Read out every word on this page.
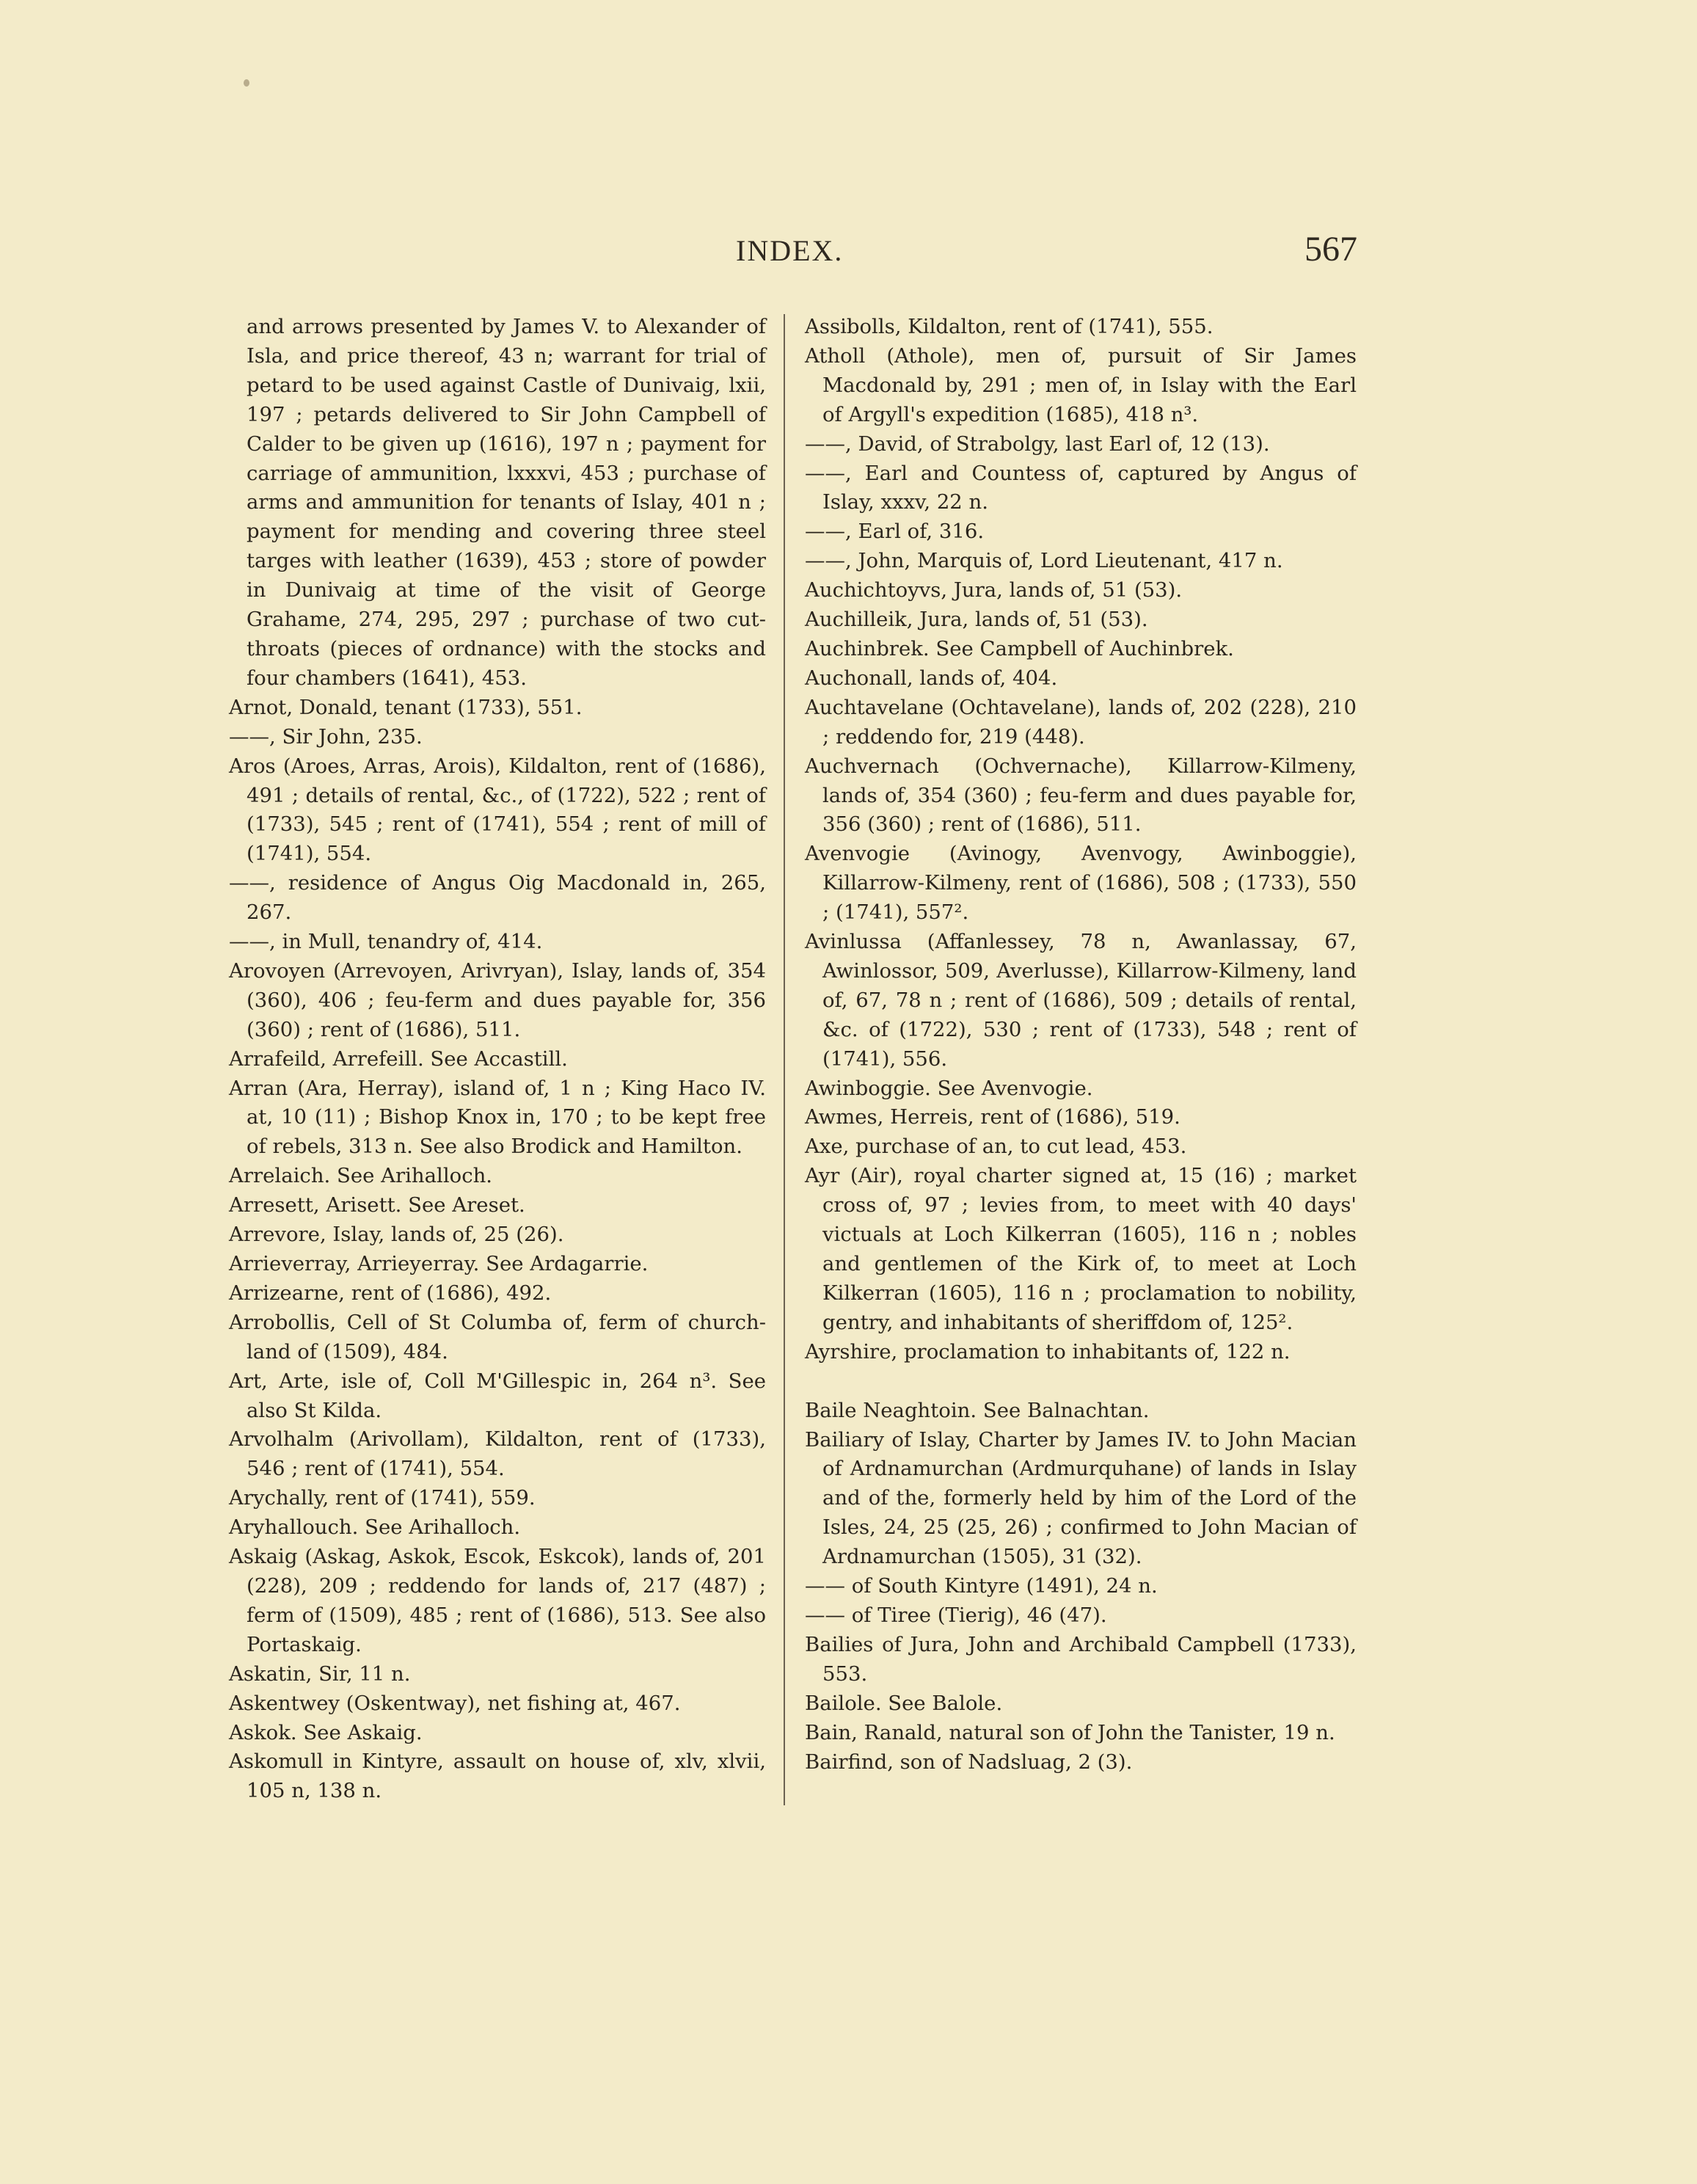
INDEX.	567

and arrows presented by James V. to Alexander of Isla, and price thereof, 43 n; warrant for trial of petard to be used against Castle of Dunivaig, lxii, 197 ; petards delivered to Sir John Campbell of Calder to be given up (1616), 197 n ; payment for carriage of ammunition, lxxxvi, 453 ; purchase of arms and ammunition for tenants of Islay, 401 n ; payment for mending and covering three steel targes with leather (1639), 453 ; store of powder in Dunivaig at time of the visit of George Grahame, 274, 295, 297 ; purchase of two cut-throats (pieces of ordnance) with the stocks and four chambers (1641), 453.

Arnot, Donald, tenant (1733), 551.

——, Sir John, 235.

Aros (Aroes, Arras, Arois), Kildalton, rent of (1686), 491 ; details of rental, &c., of (1722), 522 ; rent of (1733), 545 ; rent of (1741), 554 ; rent of mill of (1741), 554.

——, residence of Angus Oig Macdonald in, 265, 267.

——, in Mull, tenandry of, 414.

Arovoyen (Arrevoyen, Arivryan), Islay, lands of, 354 (360), 406 ; feu-ferm and dues payable for, 356 (360) ; rent of (1686), 511.

Arrafeild, Arrefeill. See Accastill.

Arran (Ara, Herray), island of, 1 n ; King Haco IV. at, 10 (11) ; Bishop Knox in, 170 ; to be kept free of rebels, 313 n. See also Brodick and Hamilton.

Arrelaich. See Arihalloch.

Arresett, Arisett. See Areset.

Arrevore, Islay, lands of, 25 (26).

Arrieverray, Arrieyerray. See Ardagarrie.

Arrizearne, rent of (1686), 492.

Arrobollis, Cell of St Columba of, ferm of church-land of (1509), 484.

Art, Arte, isle of, Coll M'Gillespic in, 264 n³. See also St Kilda.

Arvolhalm (Arivollam), Kildalton, rent of (1733), 546 ; rent of (1741), 554.

Arychally, rent of (1741), 559.

Aryhallouch. See Arihalloch.

Askaig (Askag, Askok, Escok, Eskcok), lands of, 201 (228), 209 ; reddendo for lands of, 217 (487) ; ferm of (1509), 485 ; rent of (1686), 513. See also Portaskaig.

Askatin, Sir, 11 n.

Askentwey (Oskentway), net fishing at, 467.

Askok. See Askaig.

Askomull in Kintyre, assault on house of, xlv, xlvii, 105 n, 138 n.

Assibolls, Kildalton, rent of (1741), 555.

Atholl (Athole), men of, pursuit of Sir James Macdonald by, 291 ; men of, in Islay with the Earl of Argyll's expedition (1685), 418 n³.

——, David, of Strabolgy, last Earl of, 12 (13).

——, Earl and Countess of, captured by Angus of Islay, xxxv, 22 n.

——, Earl of, 316.

——, John, Marquis of, Lord Lieutenant, 417 n.

Auchichtoyvs, Jura, lands of, 51 (53).

Auchilleik, Jura, lands of, 51 (53).

Auchinbrek. See Campbell of Auchinbrek.

Auchonall, lands of, 404.

Auchtavelane (Ochtavelane), lands of, 202 (228), 210 ; reddendo for, 219 (448).

Auchvernach (Ochvernache), Killarrow-Kilmeny, lands of, 354 (360) ; feu-ferm and dues payable for, 356 (360) ; rent of (1686), 511.

Avenvogie (Avinogy, Avenvogy, Awinboggie), Killarrow-Kilmeny, rent of (1686), 508 ; (1733), 550 ; (1741), 557².

Avinlussa (Affanlessey, 78 n, Awanlassay, 67, Awinlossor, 509, Averlusse), Killarrow-Kilmeny, land of, 67, 78 n ; rent of (1686), 509 ; details of rental, &c. of (1722), 530 ; rent of (1733), 548 ; rent of (1741), 556.

Awinboggie. See Avenvogie.

Awmes, Herreis, rent of (1686), 519.

Axe, purchase of an, to cut lead, 453.

Ayr (Air), royal charter signed at, 15 (16) ; market cross of, 97 ; levies from, to meet with 40 days' victuals at Loch Kilkerran (1605), 116 n ; nobles and gentlemen of the Kirk of, to meet at Loch Kilkerran (1605), 116 n ; proclamation to nobility, gentry, and inhabitants of sheriffdom of, 125².

Ayrshire, proclamation to inhabitants of, 122 n.

Baile Neaghtoin. See Balnachtan.

Bailiary of Islay, Charter by James IV. to John Macian of Ardnamurchan (Ardmurquhane) of lands in Islay and of the, formerly held by him of the Lord of the Isles, 24, 25 (25, 26) ; confirmed to John Macian of Ardnamurchan (1505), 31 (32).

—— of South Kintyre (1491), 24 n.

—— of Tiree (Tierig), 46 (47).

Bailies of Jura, John and Archibald Campbell (1733), 553.

Bailole. See Balole.

Bain, Ranald, natural son of John the Tanister, 19 n.

Bairfind, son of Nadsluag, 2 (3).
